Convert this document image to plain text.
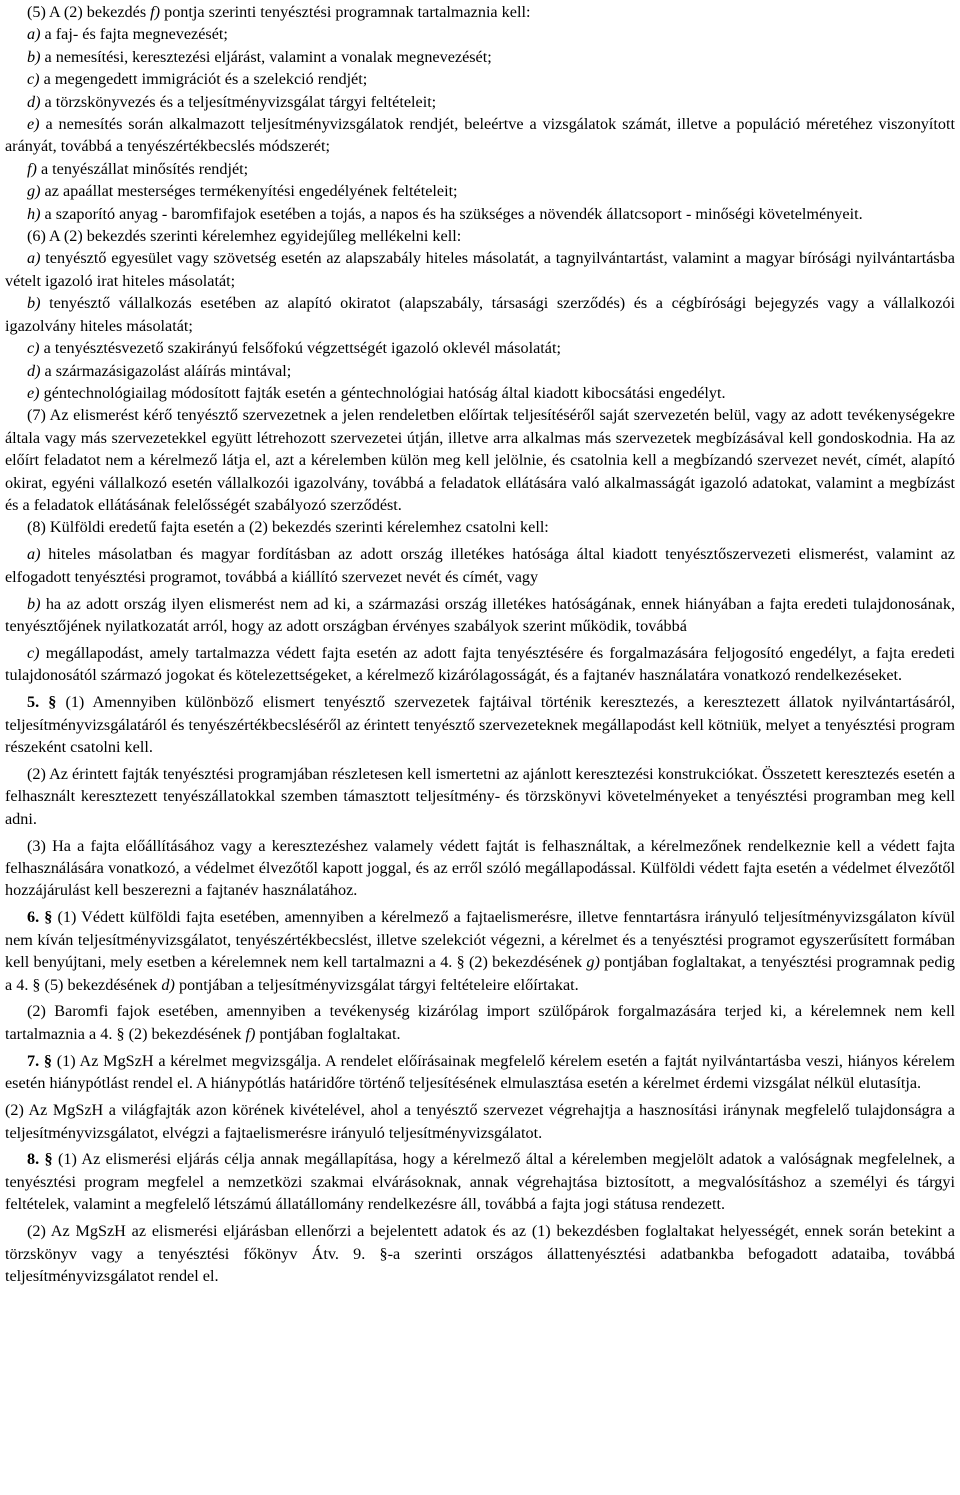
(5) A (2) bekezdés f) pontja szerinti tenyésztési programnak tartalmaznia kell:

a) a faj- és fajta megnevezését;

b) a nemesítési, keresztezési eljárást, valamint a vonalak megnevezését;

c) a megengedett immigrációt és a szelekció rendjét;

d) a törzskönyvezés és a teljesítményvizsgálat tárgyi feltételeit;

e) a nemesítés során alkalmazott teljesítményvizsgálatok rendjét, beleértve a vizsgálatok számát, illetve a populáció méretéhez viszonyított arányát, továbbá a tenyészértékbecslés módszerét;

f) a tenyészállat minősítés rendjét;

g) az apaállat mesterséges termékenyítési engedélyének feltételeit;

h) a szaporító anyag - baromfifajok esetében a tojás, a napos és ha szükséges a növendék állatcsoport - minőségi követelményeit.

(6) A (2) bekezdés szerinti kérelemhez egyidejűleg mellékelni kell:

a) tenyésztő egyesület vagy szövetség esetén az alapszabály hiteles másolatát, a tagnyilvántartást, valamint a magyar bírósági nyilvántartásba vételt igazoló irat hiteles másolatát;

b) tenyésztő vállalkozás esetében az alapító okiratot (alapszabály, társasági szerződés) és a cégbírósági bejegyzés vagy a vállalkozói igazolvány hiteles másolatát;

c) a tenyésztésvezető szakirányú felsőfokú végzettségét igazoló oklevél másolatát;

d) a származásigazolást aláírás mintával;

e) géntechnológiailag módosított fajták esetén a géntechnológiai hatóság által kiadott kibocsátási engedélyt.

(7) Az elismerést kérő tenyésztő szervezetnek a jelen rendeletben előírtak teljesítéséről saját szervezetén belül, vagy az adott tevékenységekre általa vagy más szervezetekkel együtt létrehozott szervezetei útján, illetve arra alkalmas más szervezetek megbízásával kell gondoskodnia. Ha az előírt feladatot nem a kérelmező látja el, azt a kérelemben külön meg kell jelölnie, és csatolnia kell a megbízandó szervezet nevét, címét, alapító okirat, egyéni vállalkozó esetén vállalkozói igazolvány, továbbá a feladatok ellátására való alkalmasságát igazoló adatokat, valamint a megbízást és a feladatok ellátásának felelősségét szabályozó szerződést.

(8) Külföldi eredetű fajta esetén a (2) bekezdés szerinti kérelemhez csatolni kell:

a) hiteles másolatban és magyar fordításban az adott ország illetékes hatósága által kiadott tenyésztőszervezeti elismerést, valamint az elfogadott tenyésztési programot, továbbá a kiállító szervezet nevét és címét, vagy

b) ha az adott ország ilyen elismerést nem ad ki, a származási ország illetékes hatóságának, ennek hiányában a fajta eredeti tulajdonosának, tenyésztőjének nyilatkozatát arról, hogy az adott országban érvényes szabályok szerint működik, továbbá

c) megállapodást, amely tartalmazza védett fajta esetén az adott fajta tenyésztésére és forgalmazására feljogosító engedélyt, a fajta eredeti tulajdonosától származó jogokat és kötelezettségeket, a kérelmező kizárólagosságát, és a fajtanév használatára vonatkozó rendelkezéseket.

5. § (1) Amennyiben különböző elismert tenyésztő szervezetek fajtáival történik keresztezés, a keresztezett állatok nyilvántartásáról, teljesítményvizsgálatáról és tenyészértékbecsléséről az érintett tenyésztő szervezeteknek megállapodást kell kötniük, melyet a tenyésztési program részeként csatolni kell.

(2) Az érintett fajták tenyésztési programjában részletesen kell ismertetni az ajánlott keresztezési konstrukciókat. Összetett keresztezés esetén a felhasznált keresztezett tenyészállatokkal szemben támasztott teljesítmény- és törzskönyvi követelményeket a tenyésztési programban meg kell adni.

(3) Ha a fajta előállításához vagy a keresztezéshez valamely védett fajtát is felhasználtak, a kérelmezőnek rendelkeznie kell a védett fajta felhasználására vonatkozó, a védelmet élvezőtől kapott joggal, és az erről szóló megállapodással. Külföldi védett fajta esetén a védelmet élvezőtől hozzájárulást kell beszerezni a fajtanév használatához.

6. § (1) Védett külföldi fajta esetében, amennyiben a kérelmező a fajtaelismerésre, illetve fenntartásra irányuló teljesítményvizsgálaton kívül nem kíván teljesítményvizsgálatot, tenyészértékbecslést, illetve szelekciót végezni, a kérelmet és a tenyésztési programot egyszerűsített formában kell benyújtani, mely esetben a kérelemnek nem kell tartalmazni a 4. § (2) bekezdésének g) pontjában foglaltakat, a tenyésztési programnak pedig a 4. § (5) bekezdésének d) pontjában a teljesítményvizsgálat tárgyi feltételeire előírtakat.

(2) Baromfi fajok esetében, amennyiben a tevékenység kizárólag import szülőpárok forgalmazására terjed ki, a kérelemnek nem kell tartalmaznia a 4. § (2) bekezdésének f) pontjában foglaltakat.

7. § (1) Az MgSzH a kérelmet megvizsgálja. A rendelet előírásainak megfelelő kérelem esetén a fajtát nyilvántartásba veszi, hiányos kérelem esetén hiánypótlást rendel el. A hiánypótlás határidőre történő teljesítésének elmulasztása esetén a kérelmet érdemi vizsgálat nélkül elutasítja.

(2) Az MgSzH a világfajták azon körének kivételével, ahol a tenyésztő szervezet végrehajtja a hasznosítási iránynak megfelelő tulajdonságra a teljesítményvizsgálatot, elvégzi a fajtaelismerésre irányuló teljesítményvizsgálatot.

8. § (1) Az elismerési eljárás célja annak megállapítása, hogy a kérelmező által a kérelemben megjelölt adatok a valóságnak megfelelnek, a tenyésztési program megfelel a nemzetközi szakmai elvárásoknak, annak végrehajtása biztosított, a megvalósításhoz a személyi és tárgyi feltételek, valamint a megfelelő létszámú állatállomány rendelkezésre áll, továbbá a fajta jogi státusa rendezett.

(2) Az MgSzH az elismerési eljárásban ellenőrzi a bejelentett adatok és az (1) bekezdésben foglaltakat helyességét, ennek során betekint a törzskönyv vagy a tenyésztési főkönyv Átv. 9. §-a szerinti országos állattenyésztési adatbankba befogadott adataiba, továbbá teljesítményvizsgálatot rendel el.
